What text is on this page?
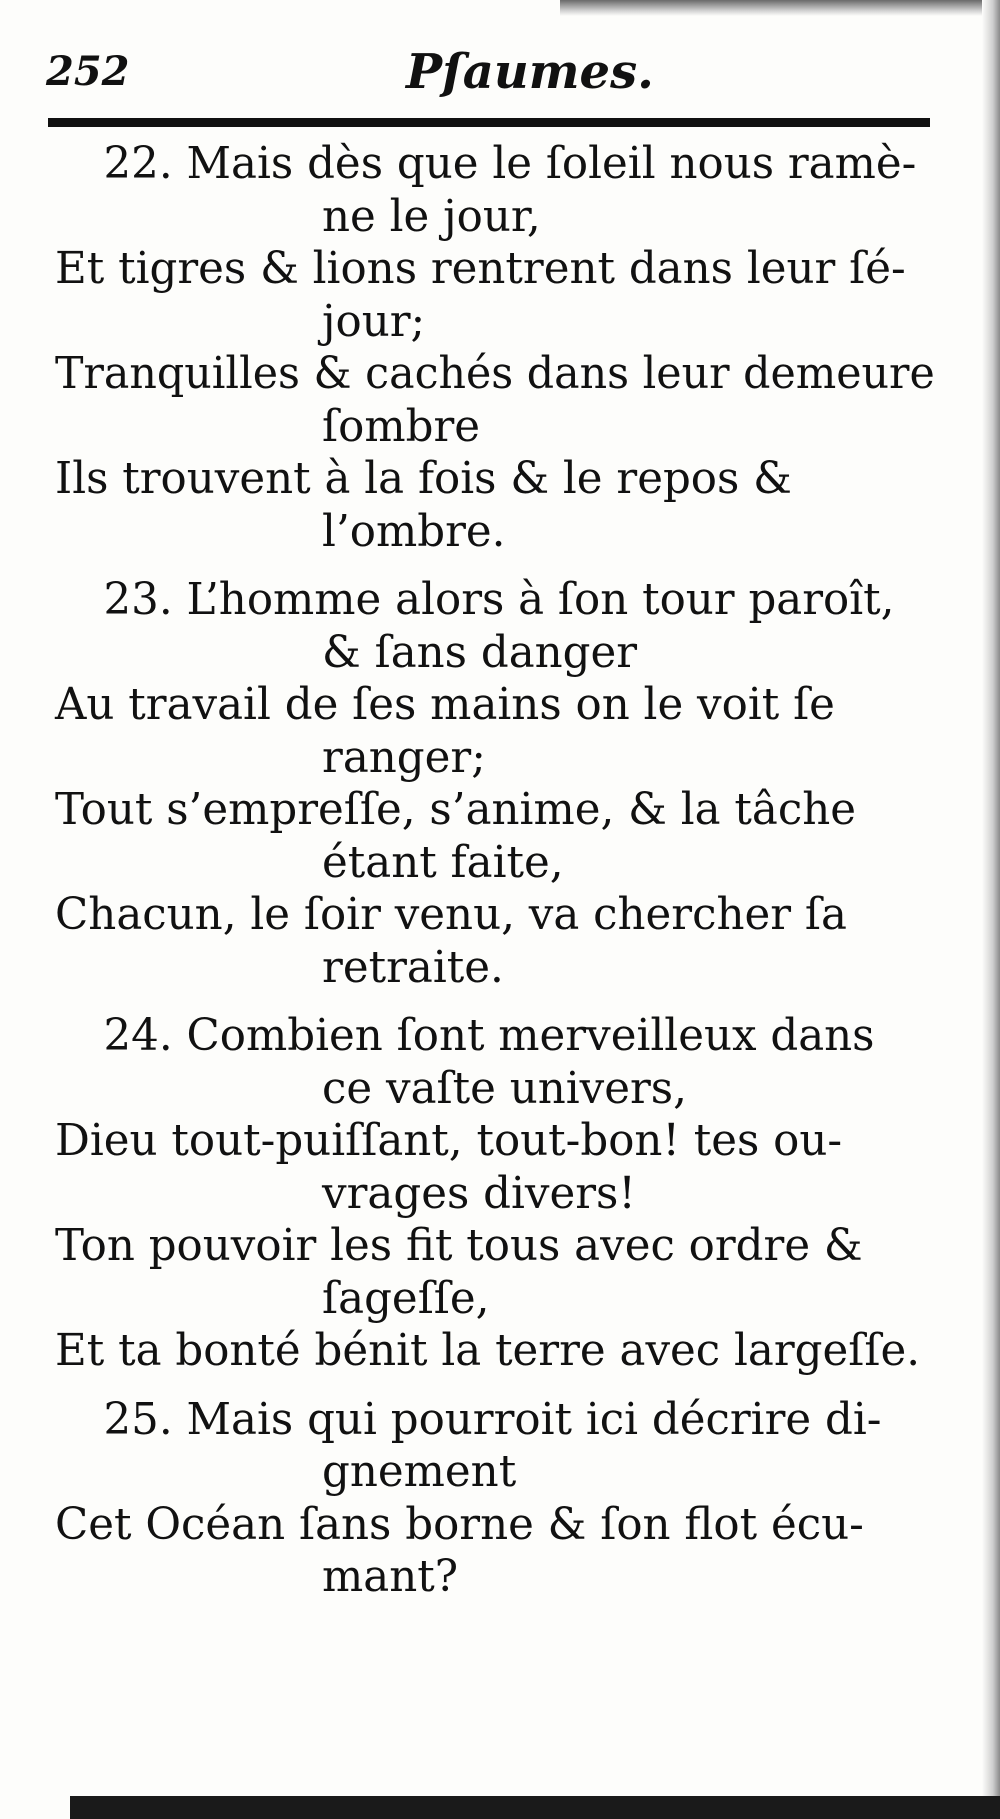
252	Pſaumes.
22. Mais dès que le ſoleil nous ramè-
ne le jour,
Et tigres & lions rentrent dans leur ſé-
jour;
Tranquilles & cachés dans leur demeure
ſombre
Ils trouvent à la fois & le repos &
l’ombre.
23. L’homme alors à ſon tour paroît,
& ſans danger
Au travail de ſes mains on le voit ſe
ranger;
Tout s’empreſſe, s’anime, & la tâche
étant faite,
Chacun, le ſoir venu, va chercher ſa
retraite.
24. Combien ſont merveilleux dans
ce vaſte univers,
Dieu tout-puiſſant, tout-bon! tes ou-
vrages divers!
Ton pouvoir les fit tous avec ordre &
ſageſſe,
Et ta bonté bénit la terre avec largeſſe.
25. Mais qui pourroit ici décrire di-
gnement
Cet Océan ſans borne & ſon flot écu-
mant?
